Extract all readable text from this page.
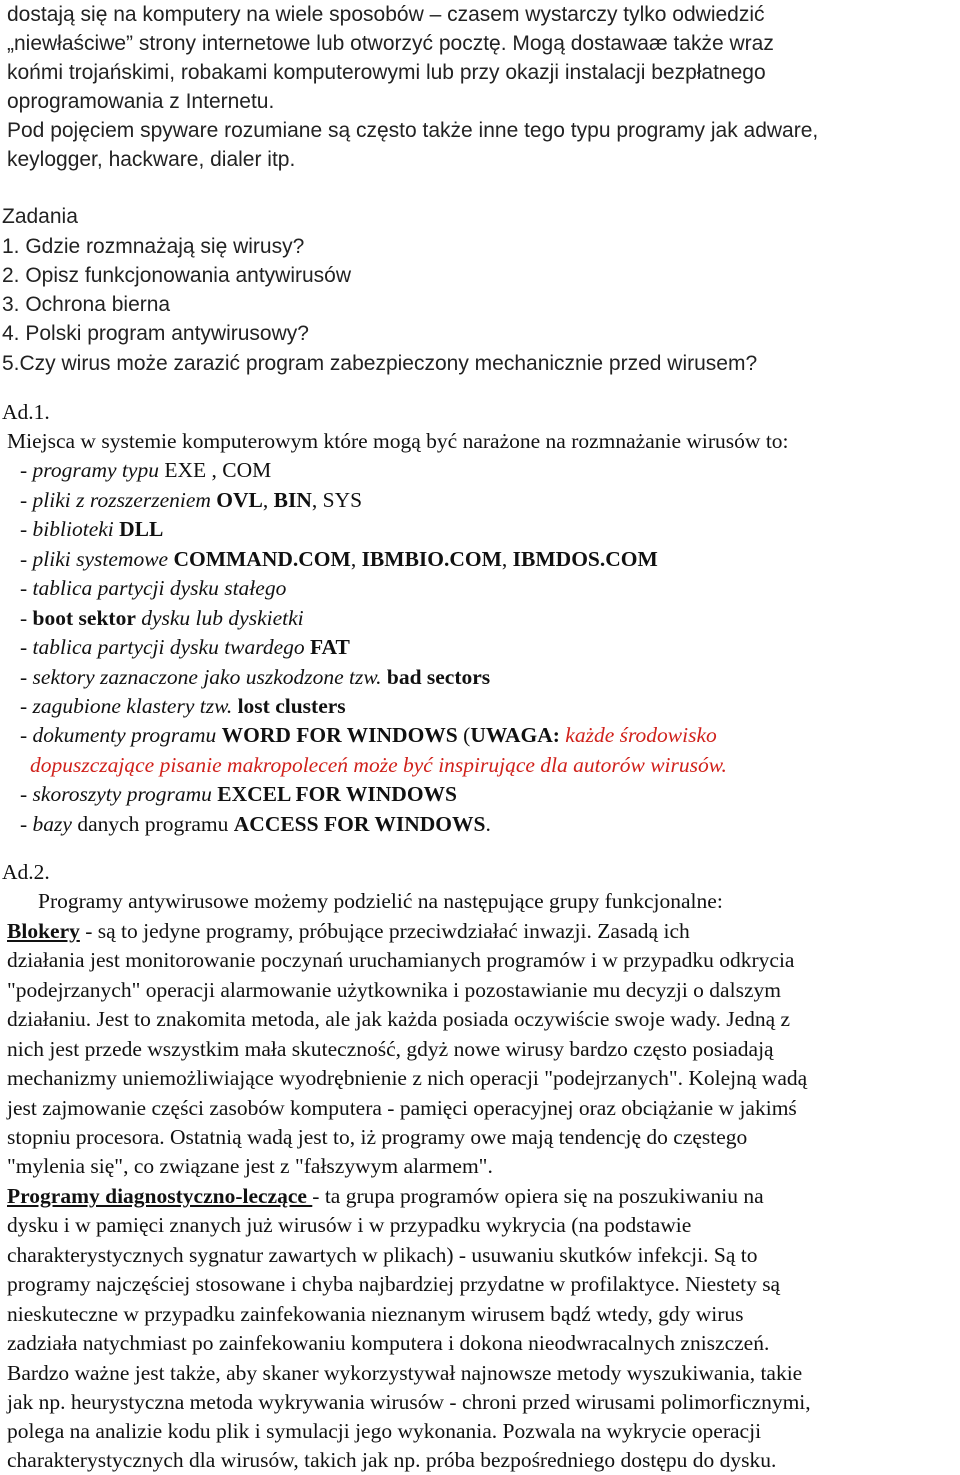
dostają się na komputery na wiele sposobów – czasem wystarczy tylko odwiedzić
„niewłaściwe” strony internetowe lub otworzyć pocztę. Mogą dostawaæ także wraz
końmi trojańskimi, robakami komputerowymi lub przy okazji instalacji bezpłatnego
oprogramowania z Internetu.
Pod pojęciem spyware rozumiane są często także inne tego typu programy jak adware,
keylogger, hackware, dialer itp.
Zadania
1. Gdzie rozmnażają się wirusy?
2. Opisz funkcjonowania antywirusów
3. Ochrona bierna
4. Polski program antywirusowy?
5.Czy wirus może zarazić program zabezpieczony mechanicznie przed wirusem?
Ad.1.
Miejsca w systemie komputerowym które mogą być narażone na rozmnażanie wirusów to:
- programy typu EXE , COM
- pliki z rozszerzeniem OVL, BIN, SYS
- biblioteki DLL
- pliki systemowe COMMAND.COM, IBMBIO.COM, IBMDOS.COM
- tablica partycji dysku stałego
- boot sektor dysku lub dyskietki
- tablica partycji dysku twardego FAT
- sektory zaznaczone jako uszkodzone tzw. bad sectors
- zagubione klastery tzw. lost clusters
- dokumenty programu WORD FOR WINDOWS (UWAGA: każde środowisko
dopuszczające pisanie makropoleceń może być inspirujące dla autorów wirusów.
- skoroszyty programu EXCEL FOR WINDOWS
- bazy danych programu ACCESS FOR WINDOWS.
Ad.2.
Programy antywirusowe możemy podzielić na następujące grupy funkcjonalne:
Blokery - są to jedyne programy, próbujące przeciwdziałać inwazji. Zasadą ich
działania jest monitorowanie poczynań uruchamianych programów i w przypadku odkrycia
"podejrzanych" operacji alarmowanie użytkownika i pozostawianie mu decyzji o dalszym
działaniu. Jest to znakomita metoda, ale jak każda posiada oczywiście swoje wady. Jedną z
nich jest przede wszystkim mała skuteczność, gdyż nowe wirusy bardzo często posiadają
mechanizmy uniemożliwiające wyodrębnienie z nich operacji "podejrzanych". Kolejną wadą
jest zajmowanie części zasobów komputera - pamięci operacyjnej oraz obciążanie w jakimś
stopniu procesora. Ostatnią wadą jest to, iż programy owe mają tendencję do częstego
"mylenia się", co związane jest z "fałszywym alarmem".
Programy diagnostyczno-leczące - ta grupa programów opiera się na poszukiwaniu na
dysku i w pamięci znanych już wirusów i w przypadku wykrycia (na podstawie
charakterystycznych sygnatur zawartych w plikach) - usuwaniu skutków infekcji. Są to
programy najczęściej stosowane i chyba najbardziej przydatne w profilaktyce. Niestety są
nieskuteczne w przypadku zainfekowania nieznanym wirusem bądź wtedy, gdy wirus
zadziała natychmiast po zainfekowaniu komputera i dokona nieodwracalnych zniszczeń.
Bardzo ważne jest także, aby skaner wykorzystywał najnowsze metody wyszukiwania, takie
jak np. heurystyczna metoda wykrywania wirusów - chroni przed wirusami polimorficznymi,
polega na analizie kodu plik i symulacji jego wykonania. Pozwala na wykrycie operacji
charakterystycznych dla wirusów, takich jak np. próba bezpośredniego dostępu do dysku.
